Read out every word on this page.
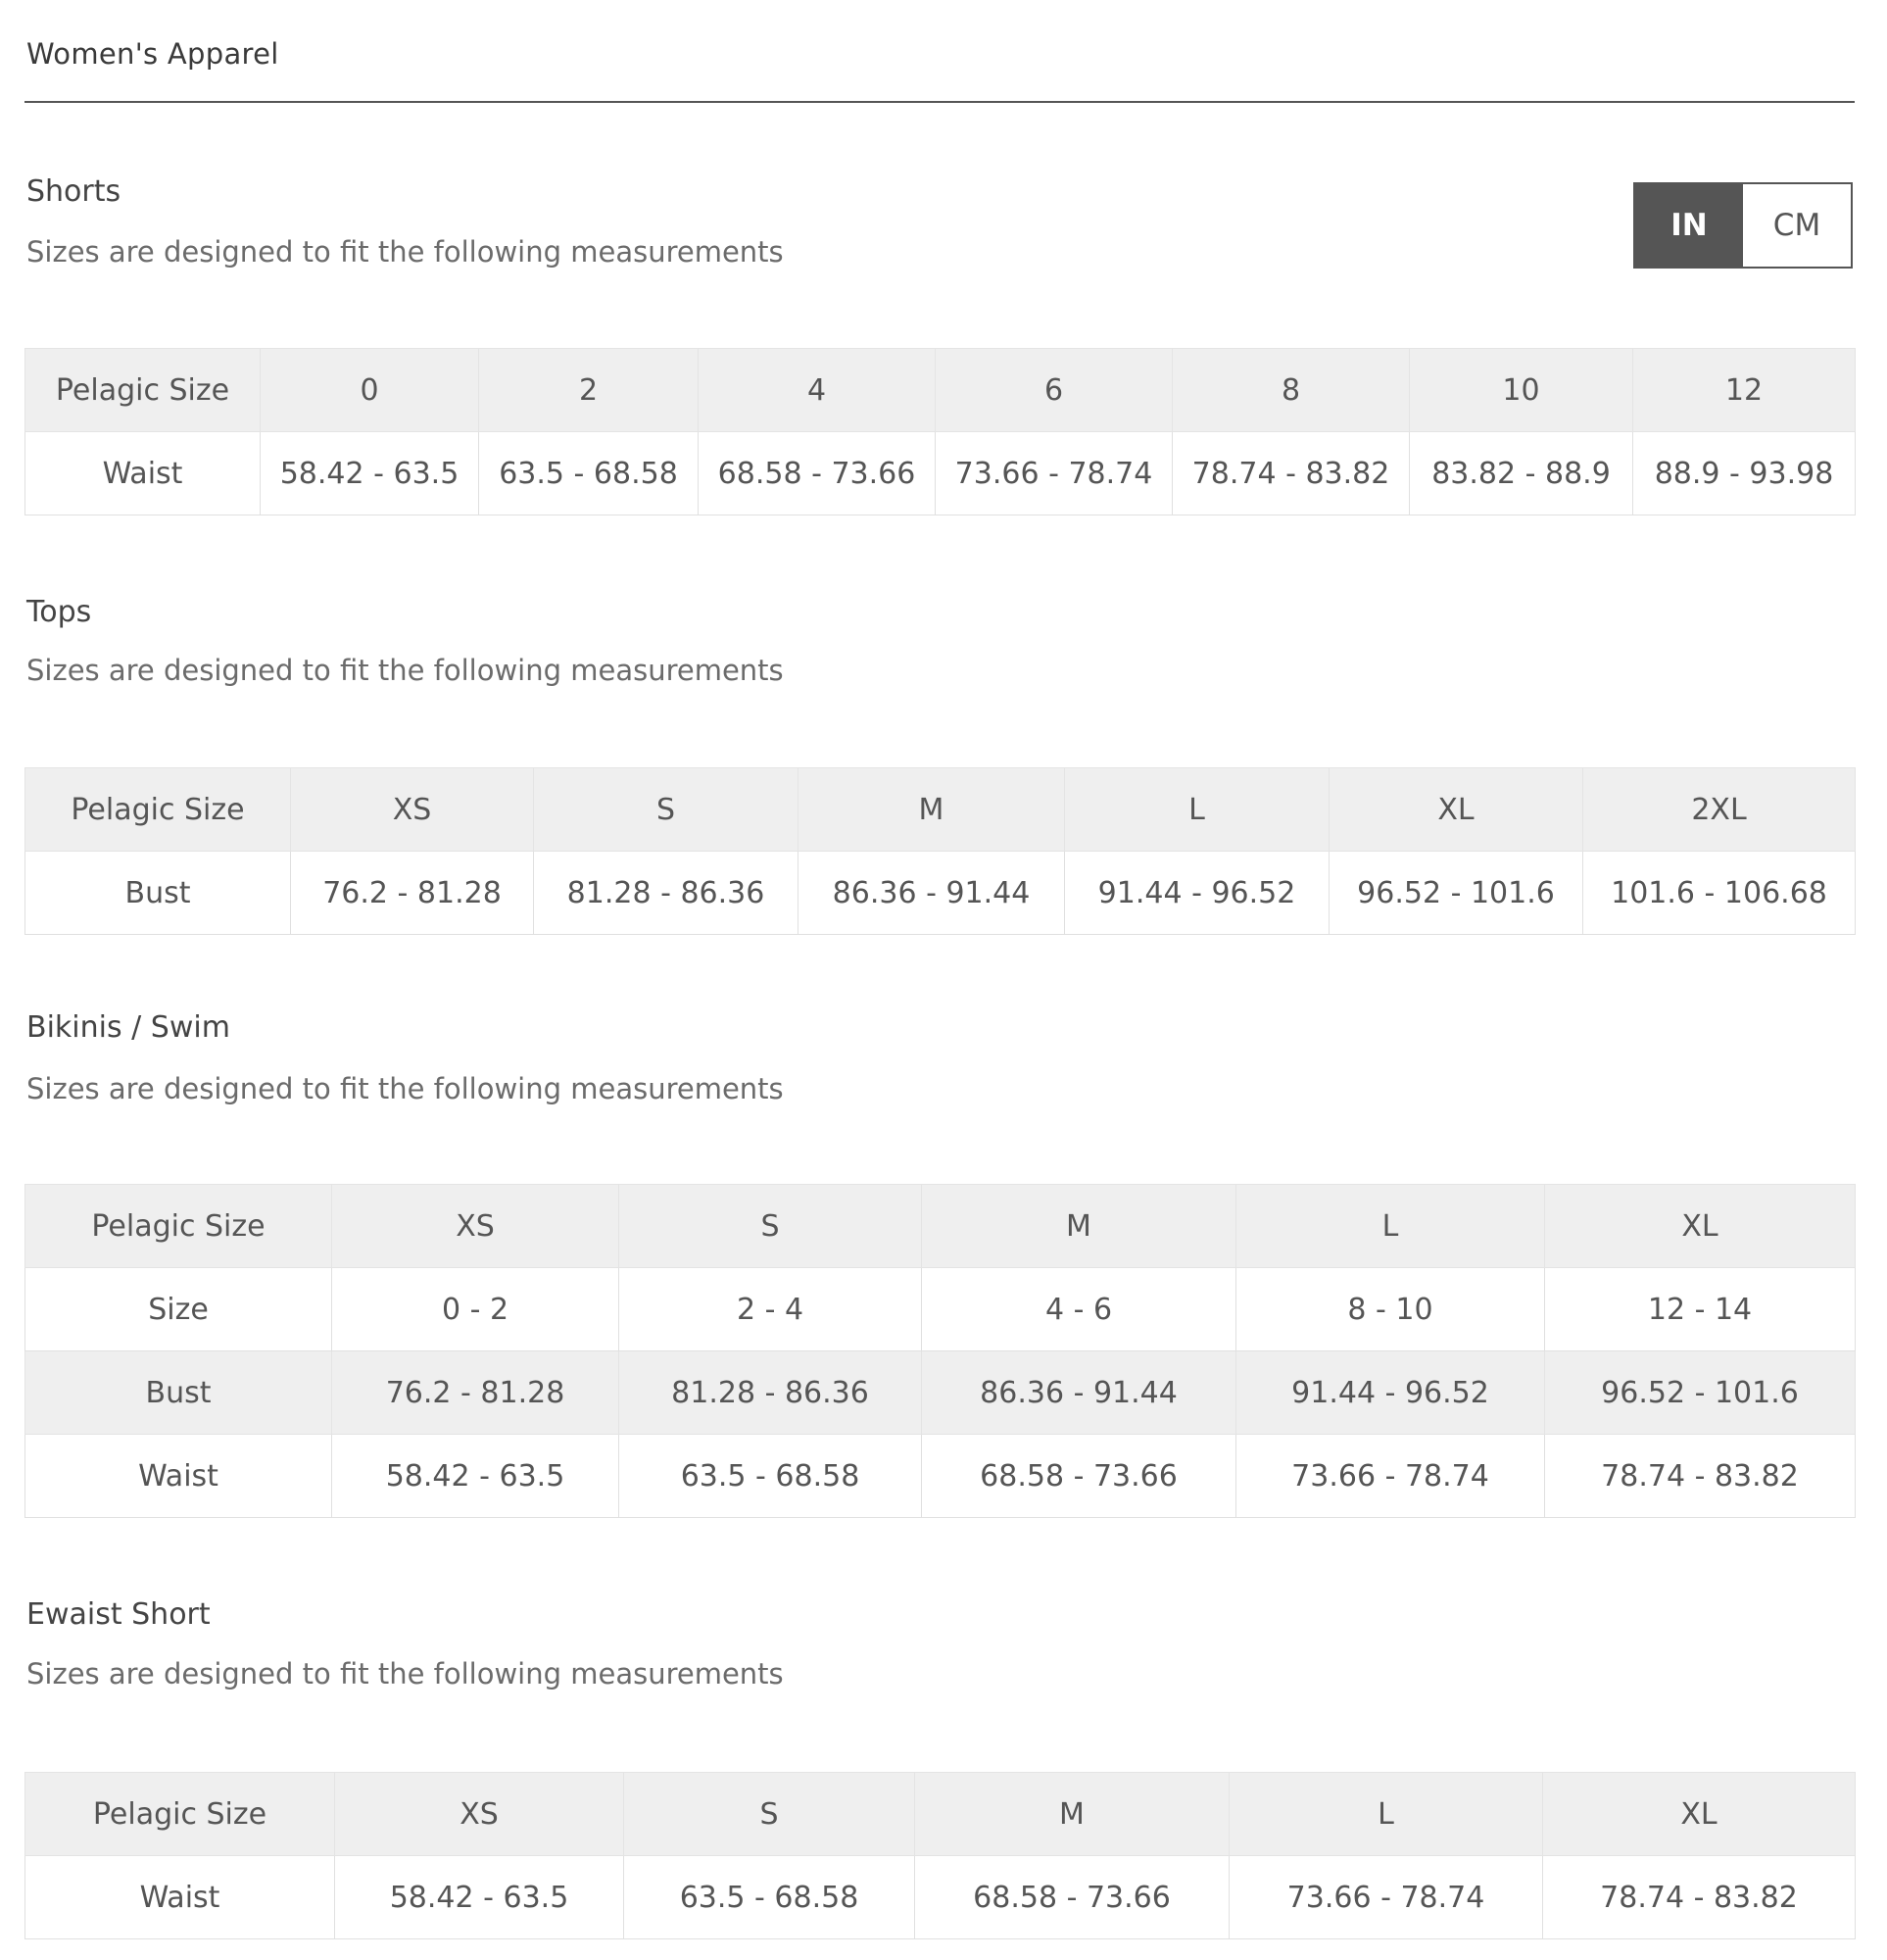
Women's Apparel
IN	CM
Shorts
Sizes are designed to fit the following measurements
Pelagic Size	0	2	4	6	8	10	12
Waist	58.42 - 63.5	63.5 - 68.58	68.58 - 73.66	73.66 - 78.74	78.74 - 83.82	83.82 - 88.9	88.9 - 93.98
Tops
Sizes are designed to fit the following measurements
Pelagic Size	XS	S	M	L	XL	2XL
Bust	76.2 - 81.28	81.28 - 86.36	86.36 - 91.44	91.44 - 96.52	96.52 - 101.6	101.6 - 106.68
Bikinis / Swim
Sizes are designed to fit the following measurements
Pelagic Size	XS	S	M	L	XL
Size	0 - 2	2 - 4	4 - 6	8 - 10	12 - 14
Bust	76.2 - 81.28	81.28 - 86.36	86.36 - 91.44	91.44 - 96.52	96.52 - 101.6
Waist	58.42 - 63.5	63.5 - 68.58	68.58 - 73.66	73.66 - 78.74	78.74 - 83.82
Ewaist Short
Sizes are designed to fit the following measurements
Pelagic Size	XS	S	M	L	XL
Waist	58.42 - 63.5	63.5 - 68.58	68.58 - 73.66	73.66 - 78.74	78.74 - 83.82
